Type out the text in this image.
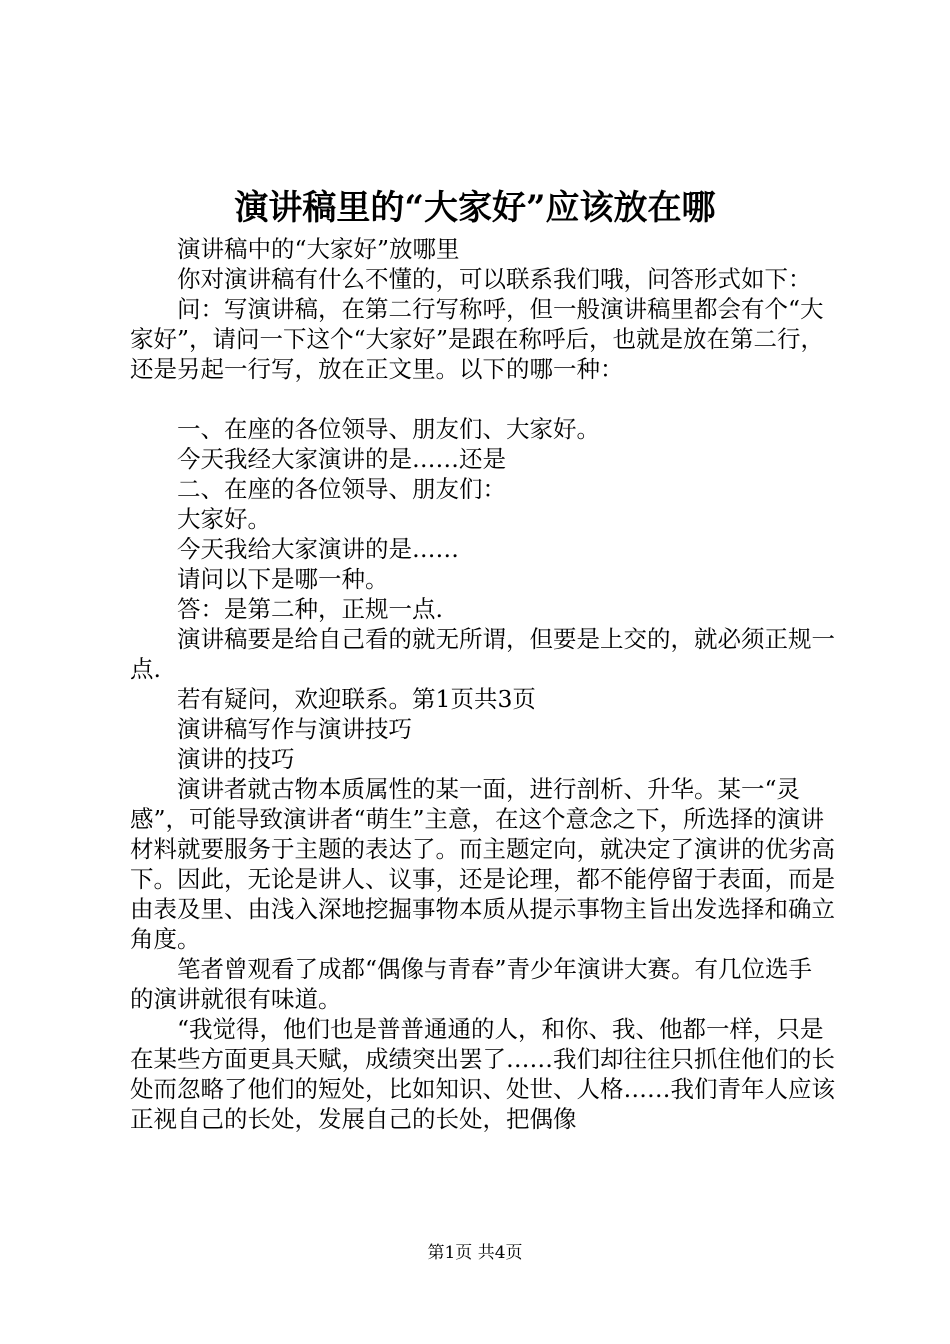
演讲稿里的“大家好”应该放在哪

演讲稿中的“大家好”放哪里

你对演讲稿有什么不懂的，可以联系我们哦，问答形式如下：

问：写演讲稿，在第二行写称呼，但一般演讲稿里都会有个“大家好”，请问一下这个“大家好”是跟在称呼后，也就是放在第二行，还是另起一行写，放在正文里。以下的哪一种：

一、在座的各位领导、朋友们、大家好。

今天我经大家演讲的是……还是

二、在座的各位领导、朋友们：

大家好。

今天我给大家演讲的是……

请问以下是哪一种。

答：是第二种，正规一点.

演讲稿要是给自己看的就无所谓，但要是上交的，就必须正规一点.

若有疑问，欢迎联系。第1页共3页

演讲稿写作与演讲技巧

演讲的技巧

演讲者就古物本质属性的某一面，进行剖析、升华。某一“灵感”，可能导致演讲者“萌生”主意，在这个意念之下，所选择的演讲材料就要服务于主题的表达了。而主题定向，就决定了演讲的优劣高下。因此，无论是讲人、议事，还是论理，都不能停留于表面，而是由表及里、由浅入深地挖掘事物本质从提示事物主旨出发选择和确立角度。

笔者曾观看了成都“偶像与青春”青少年演讲大赛。有几位选手的演讲就很有味道。

“我觉得，他们也是普普通通的人，和你、我、他都一样，只是在某些方面更具天赋，成绩突出罢了……我们却往往只抓住他们的长处而忽略了他们的短处，比如知识、处世、人格……我们青年人应该正视自己的长处，发展自己的长处，把偶像

第1页 共4页
